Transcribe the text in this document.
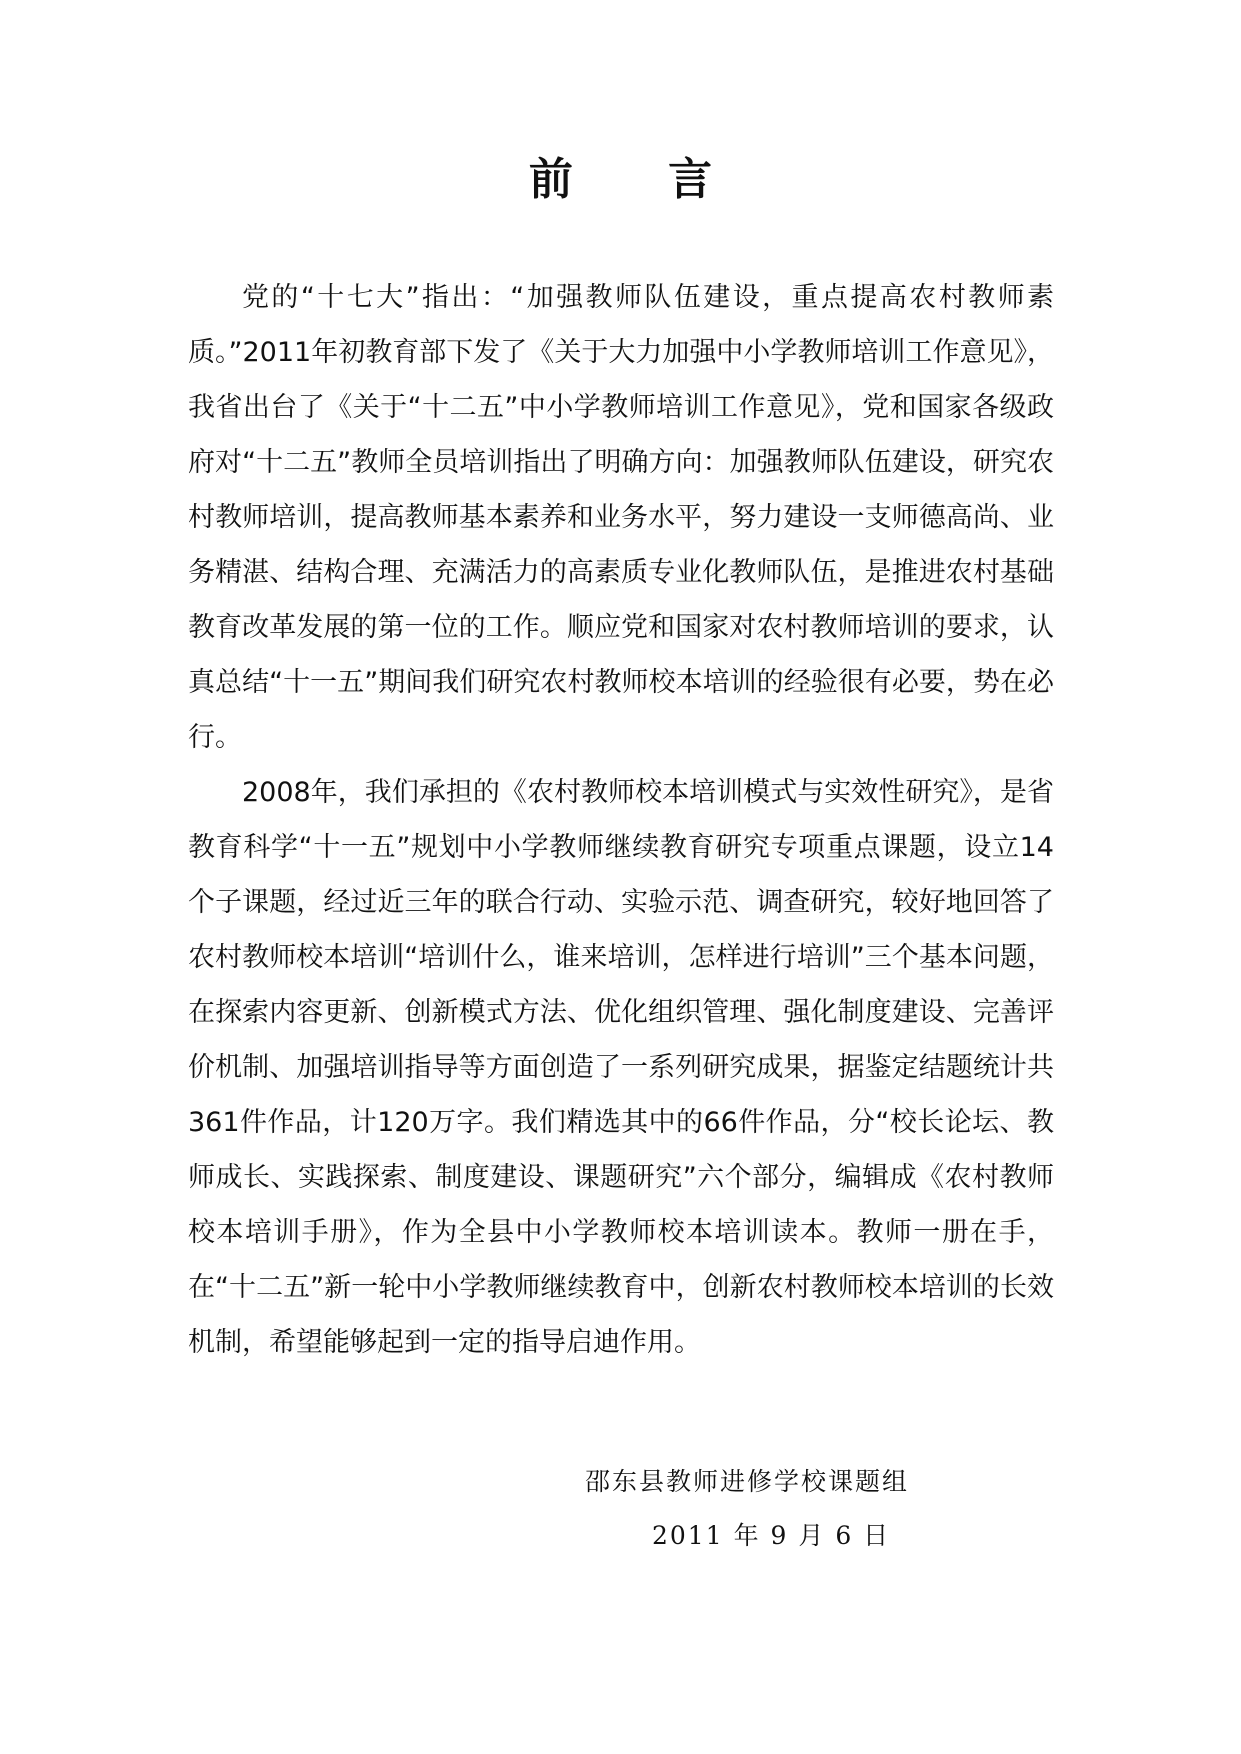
前 言

党的“十七大”指出：“加强教师队伍建设，重点提高农村教师素质。”2011年初教育部下发了《关于大力加强中小学教师培训工作意见》，我省出台了《关于“十二五”中小学教师培训工作意见》，党和国家各级政府对“十二五”教师全员培训指出了明确方向：加强教师队伍建设，研究农村教师培训，提高教师基本素养和业务水平，努力建设一支师德高尚、业务精湛、结构合理、充满活力的高素质专业化教师队伍，是推进农村基础教育改革发展的第一位的工作。顺应党和国家对农村教师培训的要求，认真总结“十一五”期间我们研究农村教师校本培训的经验很有必要，势在必行。

2008年，我们承担的《农村教师校本培训模式与实效性研究》，是省教育科学“十一五”规划中小学教师继续教育研究专项重点课题，设立14个子课题，经过近三年的联合行动、实验示范、调查研究，较好地回答了农村教师校本培训“培训什么，谁来培训，怎样进行培训”三个基本问题，在探索内容更新、创新模式方法、优化组织管理、强化制度建设、完善评价机制、加强培训指导等方面创造了一系列研究成果，据鉴定结题统计共361件作品，计120万字。我们精选其中的66件作品，分“校长论坛、教师成长、实践探索、制度建设、课题研究”六个部分，编辑成《农村教师校本培训手册》，作为全县中小学教师校本培训读本。教师一册在手，在“十二五”新一轮中小学教师继续教育中，创新农村教师校本培训的长效机制，希望能够起到一定的指导启迪作用。

邵东县教师进修学校课题组
2011 年 9 月 6 日
